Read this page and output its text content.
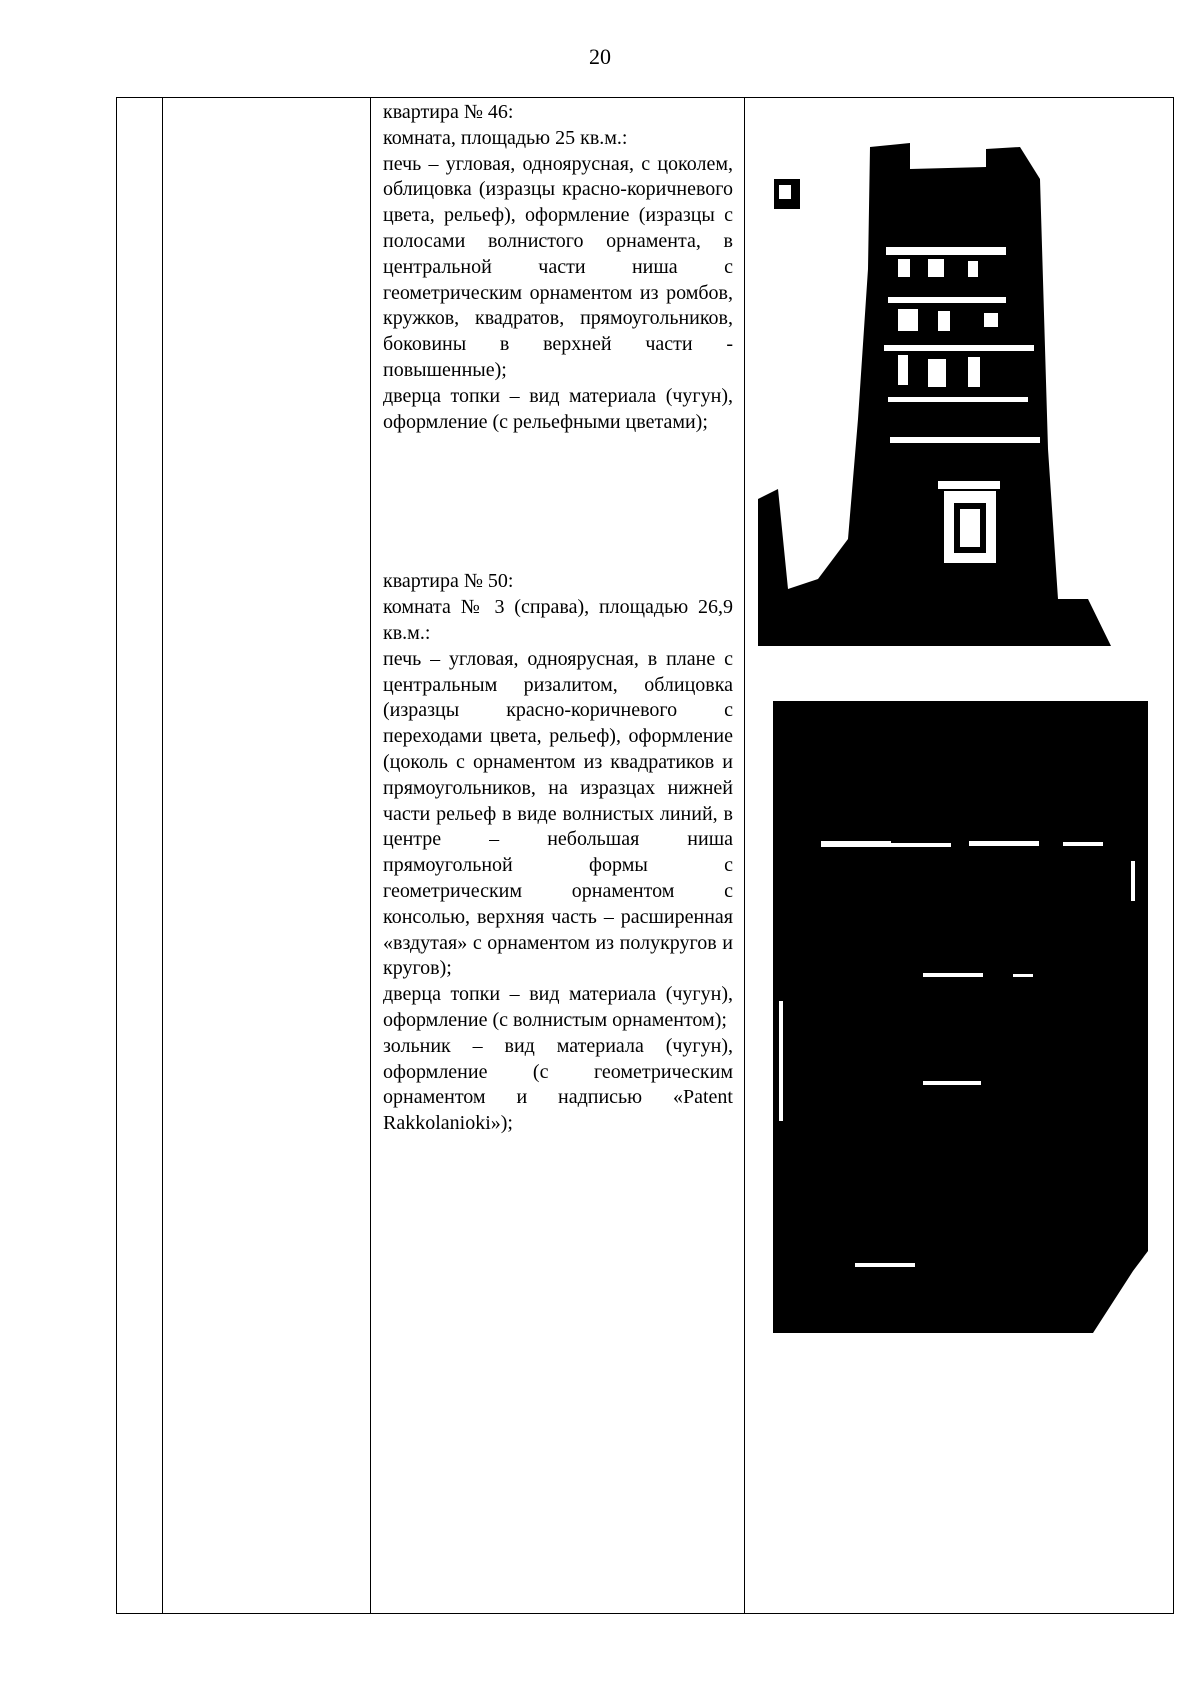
20

квартира № 46:

комната, площадью 25 кв.м.:

печь – угловая, одноярусная, с цоколем, облицовка (изразцы красно-коричневого цвета, рельеф), оформление (изразцы с полосами волнистого орнамента, в центральной части ниша с геометрическим орнаментом из ромбов, кружков, квадратов, прямоугольников, боковины в верхней части - повышенные);

дверца топки – вид материала (чугун), оформление (с рельефными цветами);

квартира № 50:

комната № 3 (справа), площадью 26,9 кв.м.:

печь – угловая, одноярусная, в плане с центральным ризалитом, облицовка (изразцы красно-коричневого с переходами цвета, рельеф), оформление (цоколь с орнаментом из квадратиков и прямоугольников, на изразцах нижней части рельеф в виде волнистых линий, в центре – небольшая ниша прямоугольной формы с геометрическим орнаментом с консолью, верхняя часть – расширенная «вздутая» с орнаментом из полукругов и кругов);

дверца топки – вид материала (чугун), оформление (с волнистым орнаментом);

зольник – вид материала (чугун), оформление (с геометрическим орнаментом и надписью «Patent Rakkolanioki»);
